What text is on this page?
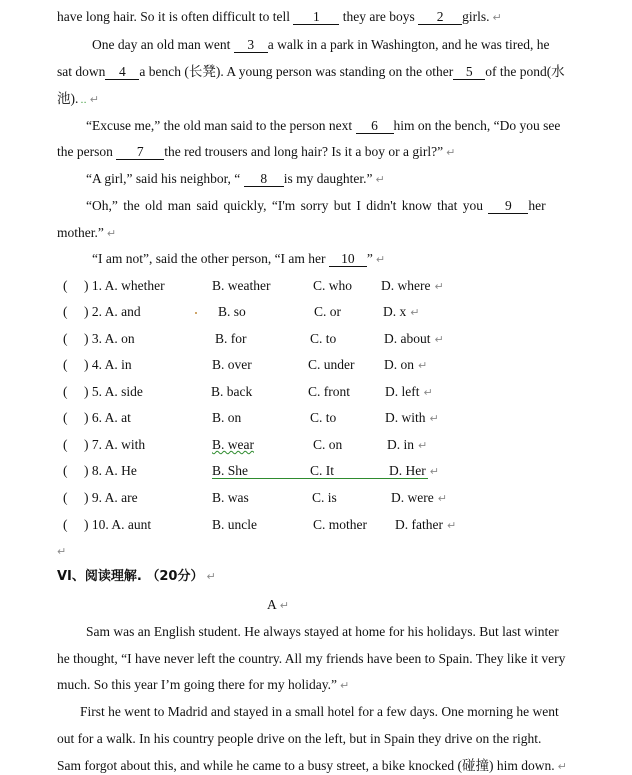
have long hair. So it is often difficult to tell 1 they are boys 2 girls. ↵
One day an old man went 3 a walk in a park in Washington, and he was tired, he
sat down 4 a bench (长凳). A young person was standing on the other 5 of the pond(水
池). .. ↵
“Excuse me,” the old man said to the person next 6 him on the bench, “Do you see
the person 7 the red trousers and long hair? Is it a boy or a girl?” ↵
“A girl,” said his neighbor, “ 8 is my daughter.” ↵
“Oh,” the old man said quickly, “I'm sorry but I didn't know that you 9 her
mother.” ↵
“I am not”, said the other person, “I am her 10 ” ↵
( ) 1. A. whether	B. weather	C. who D. where ↵
( ) 2. A. and	B. so	C. or	D. x ↵
( ) 3. A. on	B. for	C. to	D. about ↵
( ) 4. A. in	B. over	C. under D. on ↵
( ) 5. A. side	B. back	C. front	D. left ↵
( ) 6. A. at	B. on	C. to	D. with ↵
( ) 7. A. with	B. wear	C. on	D. in ↵
( ) 8. A. He	B. She	C. It	D. Her ↵
( ) 9. A. are	B. was	C. is	D. were ↵
( ) 10. A. aunt	B. uncle	C. mother D. father ↵
↵
VI、阅读理解. （20分） ↵
A ↵
Sam was an English student. He always stayed at home for his holidays. But last winter
he thought, “I have never left the country. All my friends have been to Spain. They like it very
much. So this year I’m going there for my holiday.” ↵
First he went to Madrid and stayed in a small hotel for a few days. One morning he went
out for a walk. In his country people drive on the left, but in Spain they drive on the right.
Sam forgot about this, and while he came to a busy street, a bike knocked (碰撞) him down. ↵
